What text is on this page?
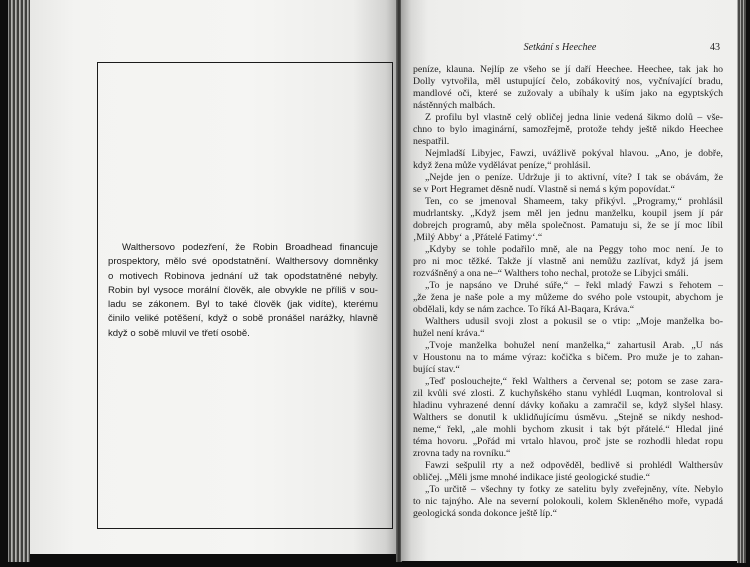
Walthersovo podezření, že Robin Broadhead financuje
prospektory, mělo své opodstatnění. Walthersovy domněnky
o motivech Robinova jednání už tak opodstatněné nebyly.
Robin byl vysoce morální člověk, ale obvykle ne příliš v sou-
ladu se zákonem. Byl to také člověk (jak vidíte), kterému
činilo veliké potěšení, když o sobě pronášel narážky, hlavně
když o sobě mluvil ve třetí osobě.
Setkání s Heechee	43
peníze, klauna. Nejlíp ze všeho se jí daří Heechee. Heechee, tak jak ho
Dolly vytvořila, měl ustupující čelo, zobákovitý nos, vyčnívající bradu,
mandlové oči, které se zužovaly a ubíhaly k uším jako na egyptských
nástěnných malbách.
Z profilu byl vlastně celý obličej jedna linie vedená šikmo dolů – vše-
chno to bylo imaginární, samozřejmě, protože tehdy ještě nikdo Heechee
nespatřil.
Nejmladší Libyjec, Fawzi, uvážlivě pokýval hlavou. „Ano, je dobře,
když žena může vydělávat peníze,“ prohlásil.
„Nejde jen o peníze. Udržuje ji to aktivní, víte? I tak se obávám, že
se v Port Hegramet děsně nudí. Vlastně si nemá s kým popovídat.“
Ten, co se jmenoval Shameem, taky přikývl. „Programy,“ prohlásil
mudrlantsky. „Když jsem měl jen jednu manželku, koupil jsem jí pár
dobrejch programů, aby měla společnost. Pamatuju si, že se jí moc líbil
‚Milý Abby‘ a ‚Přátelé Fatimy‘.“
„Kdyby se tohle podařilo mně, ale na Peggy toho moc není. Je to
pro ni moc těžké. Takže jí vlastně ani nemůžu zazlívat, když já jsem
rozvášněný a ona ne–“ Walthers toho nechal, protože se Libyjci smáli.
„To je napsáno ve Druhé súře,“ – řekl mladý Fawzi s řehotem –
„že žena je naše pole a my můžeme do svého pole vstoupit, abychom je
obdělali, kdy se nám zachce. To říká Al-Baqara, Kráva.“
Walthers udusil svoji zlost a pokusil se o vtip: „Moje manželka bo-
hužel není kráva.“
„Tvoje manželka bohužel není manželka,“ zahartusil Arab. „U nás
v Houstonu na to máme výraz: kočička s bičem. Pro muže je to zahan-
bující stav.“
„Teď poslouchejte,“ řekl Walthers a červenal se; potom se zase zara-
zil kvůli své zlosti. Z kuchyňského stanu vyhlédl Luqman, kontroloval si
hladinu vyhrazené denní dávky koňaku a zamračil se, když slyšel hlasy.
Walthers se donutil k uklidňujícímu úsměvu. „Stejně se nikdy neshod-
neme,“ řekl, „ale mohli bychom zkusit i tak být přátelé.“ Hledal jiné
téma hovoru. „Pořád mi vrtalo hlavou, proč jste se rozhodli hledat ropu
zrovna tady na rovníku.“
Fawzi sešpulil rty a než odpověděl, bedlivě si prohlédl Walthersův
obličej. „Měli jsme mnohé indikace jisté geologické studie.“
„To určitě – všechny ty fotky ze satelitu byly zveřejněny, víte. Nebylo
to nic tajnýho. Ale na severní polokouli, kolem Skleněného moře, vypadá
geologická sonda dokonce ještě líp.“
